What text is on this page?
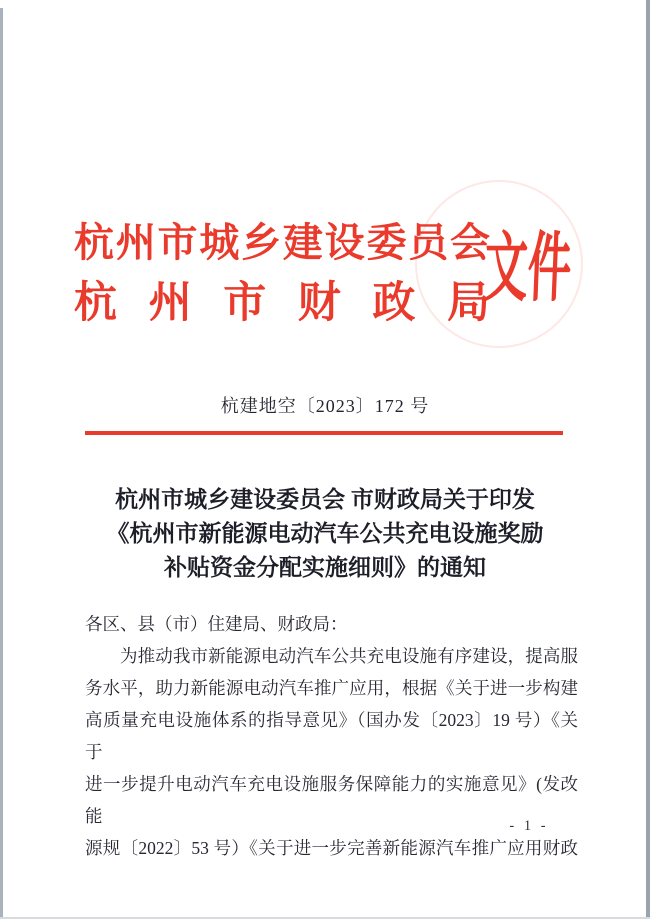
杭州市城乡建设委员会
杭州市财政局
文件
杭建地空〔2023〕172 号
杭州市城乡建设委员会 市财政局关于印发
《杭州市新能源电动汽车公共充电设施奖励
补贴资金分配实施细则》的通知
各区、县（市）住建局、财政局：
为推动我市新能源电动汽车公共充电设施有序建设，提高服
务水平，助力新能源电动汽车推广应用，根据《关于进一步构建
高质量充电设施体系的指导意见》（国办发〔2023〕19 号）《关于
进一步提升电动汽车充电设施服务保障能力的实施意见》(发改能
源规〔2022〕53 号）《关于进一步完善新能源汽车推广应用财政
- 1 -
